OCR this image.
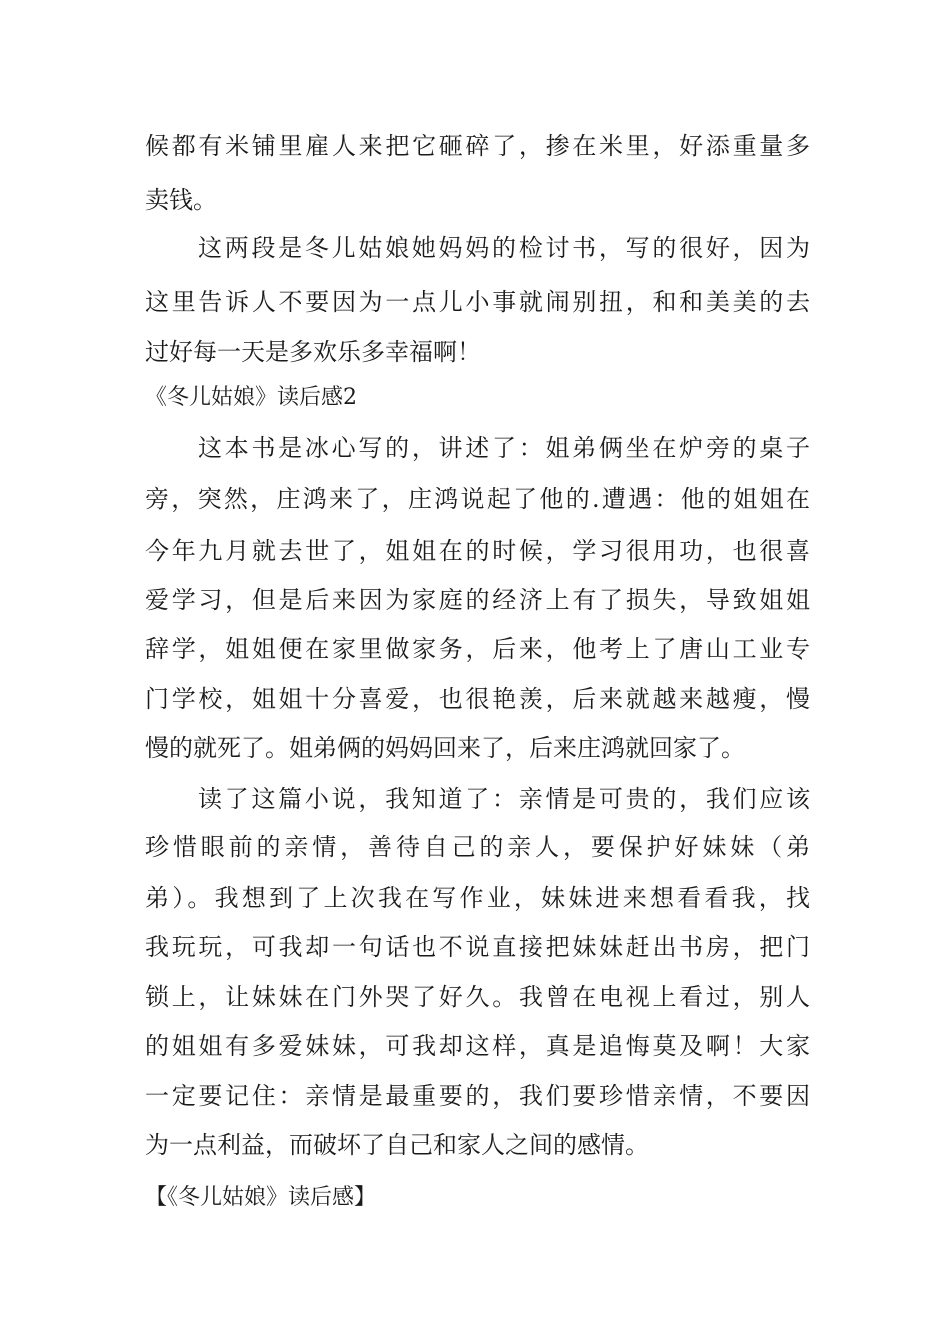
候都有米铺里雇人来把它砸碎了，掺在米里，好添重量多
卖钱。
这两段是冬儿姑娘她妈妈的检讨书，写的很好，因为
这里告诉人不要因为一点儿小事就闹别扭，和和美美的去
过好每一天是多欢乐多幸福啊！
《冬儿姑娘》读后感2
这本书是冰心写的，讲述了：姐弟俩坐在炉旁的桌子
旁，突然，庄鸿来了，庄鸿说起了他的.遭遇：他的姐姐在
今年九月就去世了，姐姐在的时候，学习很用功，也很喜
爱学习，但是后来因为家庭的经济上有了损失，导致姐姐
辞学，姐姐便在家里做家务，后来，他考上了唐山工业专
门学校，姐姐十分喜爱，也很艳羡，后来就越来越瘦，慢
慢的就死了。姐弟俩的妈妈回来了，后来庄鸿就回家了。
读了这篇小说，我知道了：亲情是可贵的，我们应该
珍惜眼前的亲情，善待自己的亲人，要保护好妹妹（弟
弟）。我想到了上次我在写作业，妹妹进来想看看我，找
我玩玩，可我却一句话也不说直接把妹妹赶出书房，把门
锁上，让妹妹在门外哭了好久。我曾在电视上看过，别人
的姐姐有多爱妹妹，可我却这样，真是追悔莫及啊！大家
一定要记住：亲情是最重要的，我们要珍惜亲情，不要因
为一点利益，而破坏了自己和家人之间的感情。
【《冬儿姑娘》读后感】
